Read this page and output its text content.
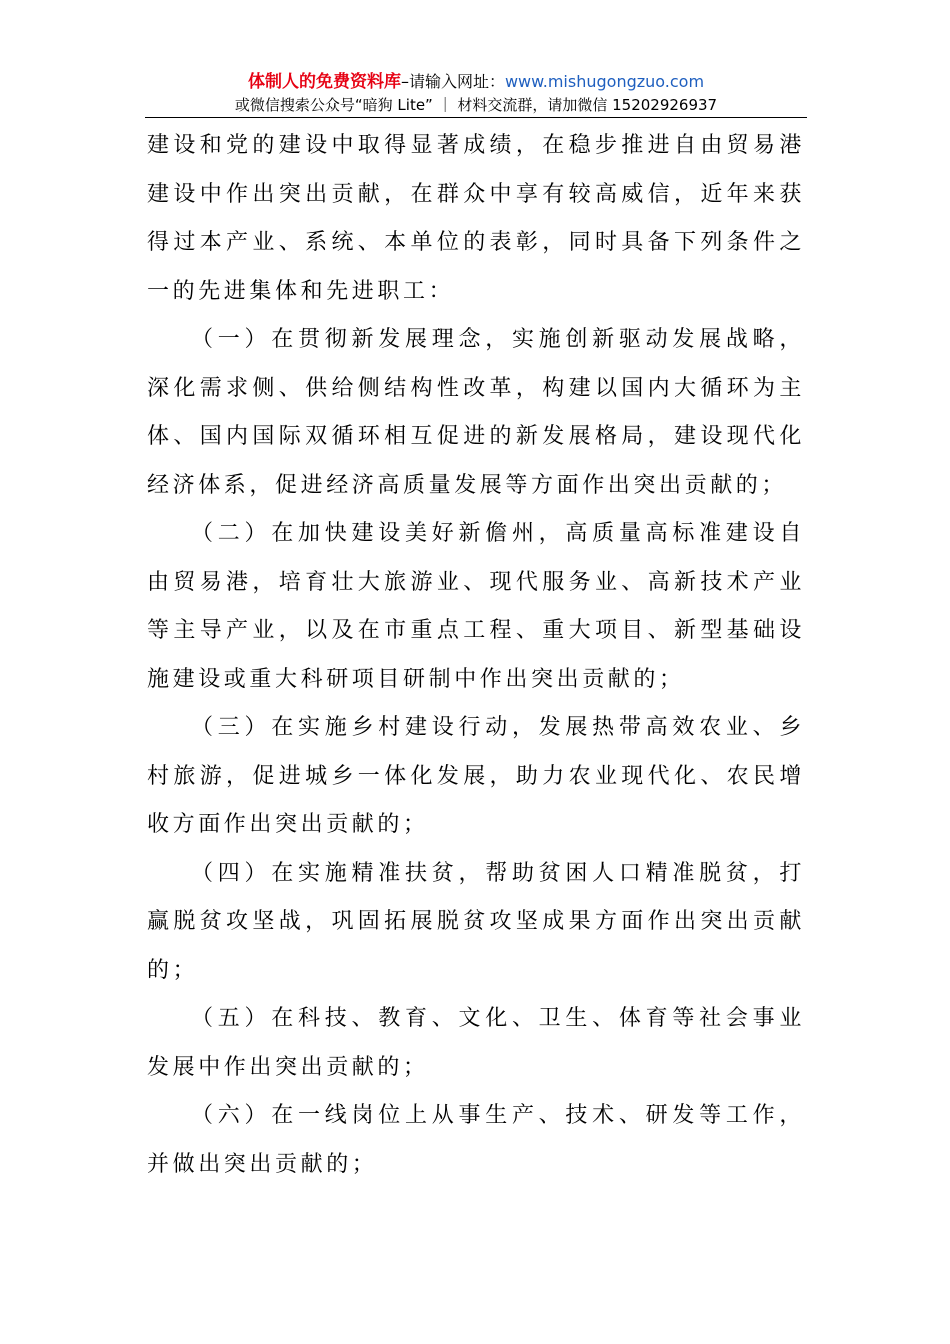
体制人的免费资料库–请输入网址：www.mishugongzuo.com
或微信搜索公众号“暗狗 Lite” ｜ 材料交流群，请加微信 15202926937

建设和党的建设中取得显著成绩，在稳步推进自由贸易港建设中作出突出贡献，在群众中享有较高威信，近年来获得过本产业、系统、本单位的表彰，同时具备下列条件之一的先进集体和先进职工：

（一）在贯彻新发展理念，实施创新驱动发展战略，深化需求侧、供给侧结构性改革，构建以国内大循环为主体、国内国际双循环相互促进的新发展格局，建设现代化经济体系，促进经济高质量发展等方面作出突出贡献的；

（二）在加快建设美好新儋州，高质量高标准建设自由贸易港，培育壮大旅游业、现代服务业、高新技术产业等主导产业，以及在市重点工程、重大项目、新型基础设施建设或重大科研项目研制中作出突出贡献的；

（三）在实施乡村建设行动，发展热带高效农业、乡村旅游，促进城乡一体化发展，助力农业现代化、农民增收方面作出突出贡献的；

（四）在实施精准扶贫，帮助贫困人口精准脱贫，打赢脱贫攻坚战，巩固拓展脱贫攻坚成果方面作出突出贡献的；

（五）在科技、教育、文化、卫生、体育等社会事业发展中作出突出贡献的；

（六）在一线岗位上从事生产、技术、研发等工作，并做出突出贡献的；
